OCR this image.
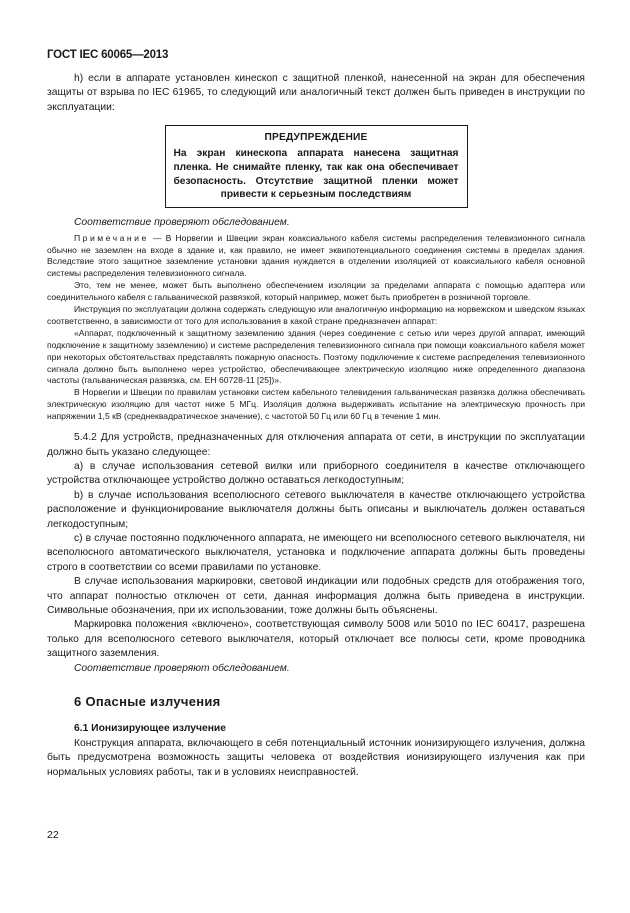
ГОСТ IEC 60065—2013

h) если в аппарате установлен кинескоп с защитной пленкой, нанесенной на экран для обеспечения защиты от взрыва по IEC 61965, то следующий или аналогичный текст должен быть приведен в инструкции по эксплуатации:

ПРЕДУПРЕЖДЕНИЕ
На экран кинескопа аппарата нанесена защитная пленка. Не снимайте пленку, так как она обеспечивает безопасность. Отсутствие защитной пленки может привести к серьезным последствиям

Соответствие проверяют обследованием.

Примечание — В Норвегии и Швеции экран коаксиального кабеля системы распределения телевизионного сигнала обычно не заземлен на входе в здание и, как правило, не имеет эквипотенциального соединения системы в пределах здания. Вследствие этого защитное заземление установки здания нуждается в отделении изоляцией от коаксиального кабеля основной системы распределения телевизионного сигнала.

Это, тем не менее, может быть выполнено обеспечением изоляции за пределами аппарата с помощью адаптера или соединительного кабеля с гальванической развязкой, который например, может быть приобретен в розничной торговле.

Инструкция по эксплуатации должна содержать следующую или аналогичную информацию на норвежском и шведском языках соответственно, в зависимости от того для использования в какой стране предназначен аппарат:

«Аппарат, подключенный к защитному заземлению здания (через соединение с сетью или через другой аппарат, имеющий подключение к защитному заземлению) и системе распределения телевизионного сигнала при помощи коаксиального кабеля может при некоторых обстоятельствах представлять пожарную опасность. Поэтому подключение к системе распределения телевизионного сигнала должно быть выполнено через устройство, обеспечивающее электрическую изоляцию ниже определенного диапазона частоты (гальваническая развязка, см. ЕН 60728-11 [25])».

В Норвегии и Швеции по правилам установки систем кабельного телевидения гальваническая развязка должна обеспечивать электрическую изоляцию для частот ниже 5 МГц. Изоляция должна выдерживать испытание на электрическую прочность при напряжении 1,5 кВ (среднеквадратическое значение), с частотой 50 Гц или 60 Гц в течение 1 мин.

5.4.2 Для устройств, предназначенных для отключения аппарата от сети, в инструкции по эксплуатации должно быть указано следующее:

a) в случае использования сетевой вилки или приборного соединителя в качестве отключающего устройства отключающее устройство должно оставаться легкодоступным;

b) в случае использования всеполюсного сетевого выключателя в качестве отключающего устройства расположение и функционирование выключателя должны быть описаны и выключатель должен оставаться легкодоступным;

c) в случае постоянно подключенного аппарата, не имеющего ни всеполюсного сетевого выключателя, ни всеполюсного автоматического выключателя, установка и подключение аппарата должны быть проведены строго в соответствии со всеми правилами по установке.

В случае использования маркировки, световой индикации или подобных средств для отображения того, что аппарат полностью отключен от сети, данная информация должна быть приведена в инструкции. Символьные обозначения, при их использовании, тоже должны быть объяснены.

Маркировка положения «включено», соответствующая символу 5008 или 5010 по IEC 60417, разрешена только для всеполюсного сетевого выключателя, который отключает все полюсы сети, кроме проводника защитного заземления.

Соответствие проверяют обследованием.

6 Опасные излучения
6.1 Ионизирующее излучение

Конструкция аппарата, включающего в себя потенциальный источник ионизирующего излучения, должна быть предусмотрена возможность защиты человека от воздействия ионизирующего излучения как при нормальных условиях работы, так и в условиях неисправностей.

22
